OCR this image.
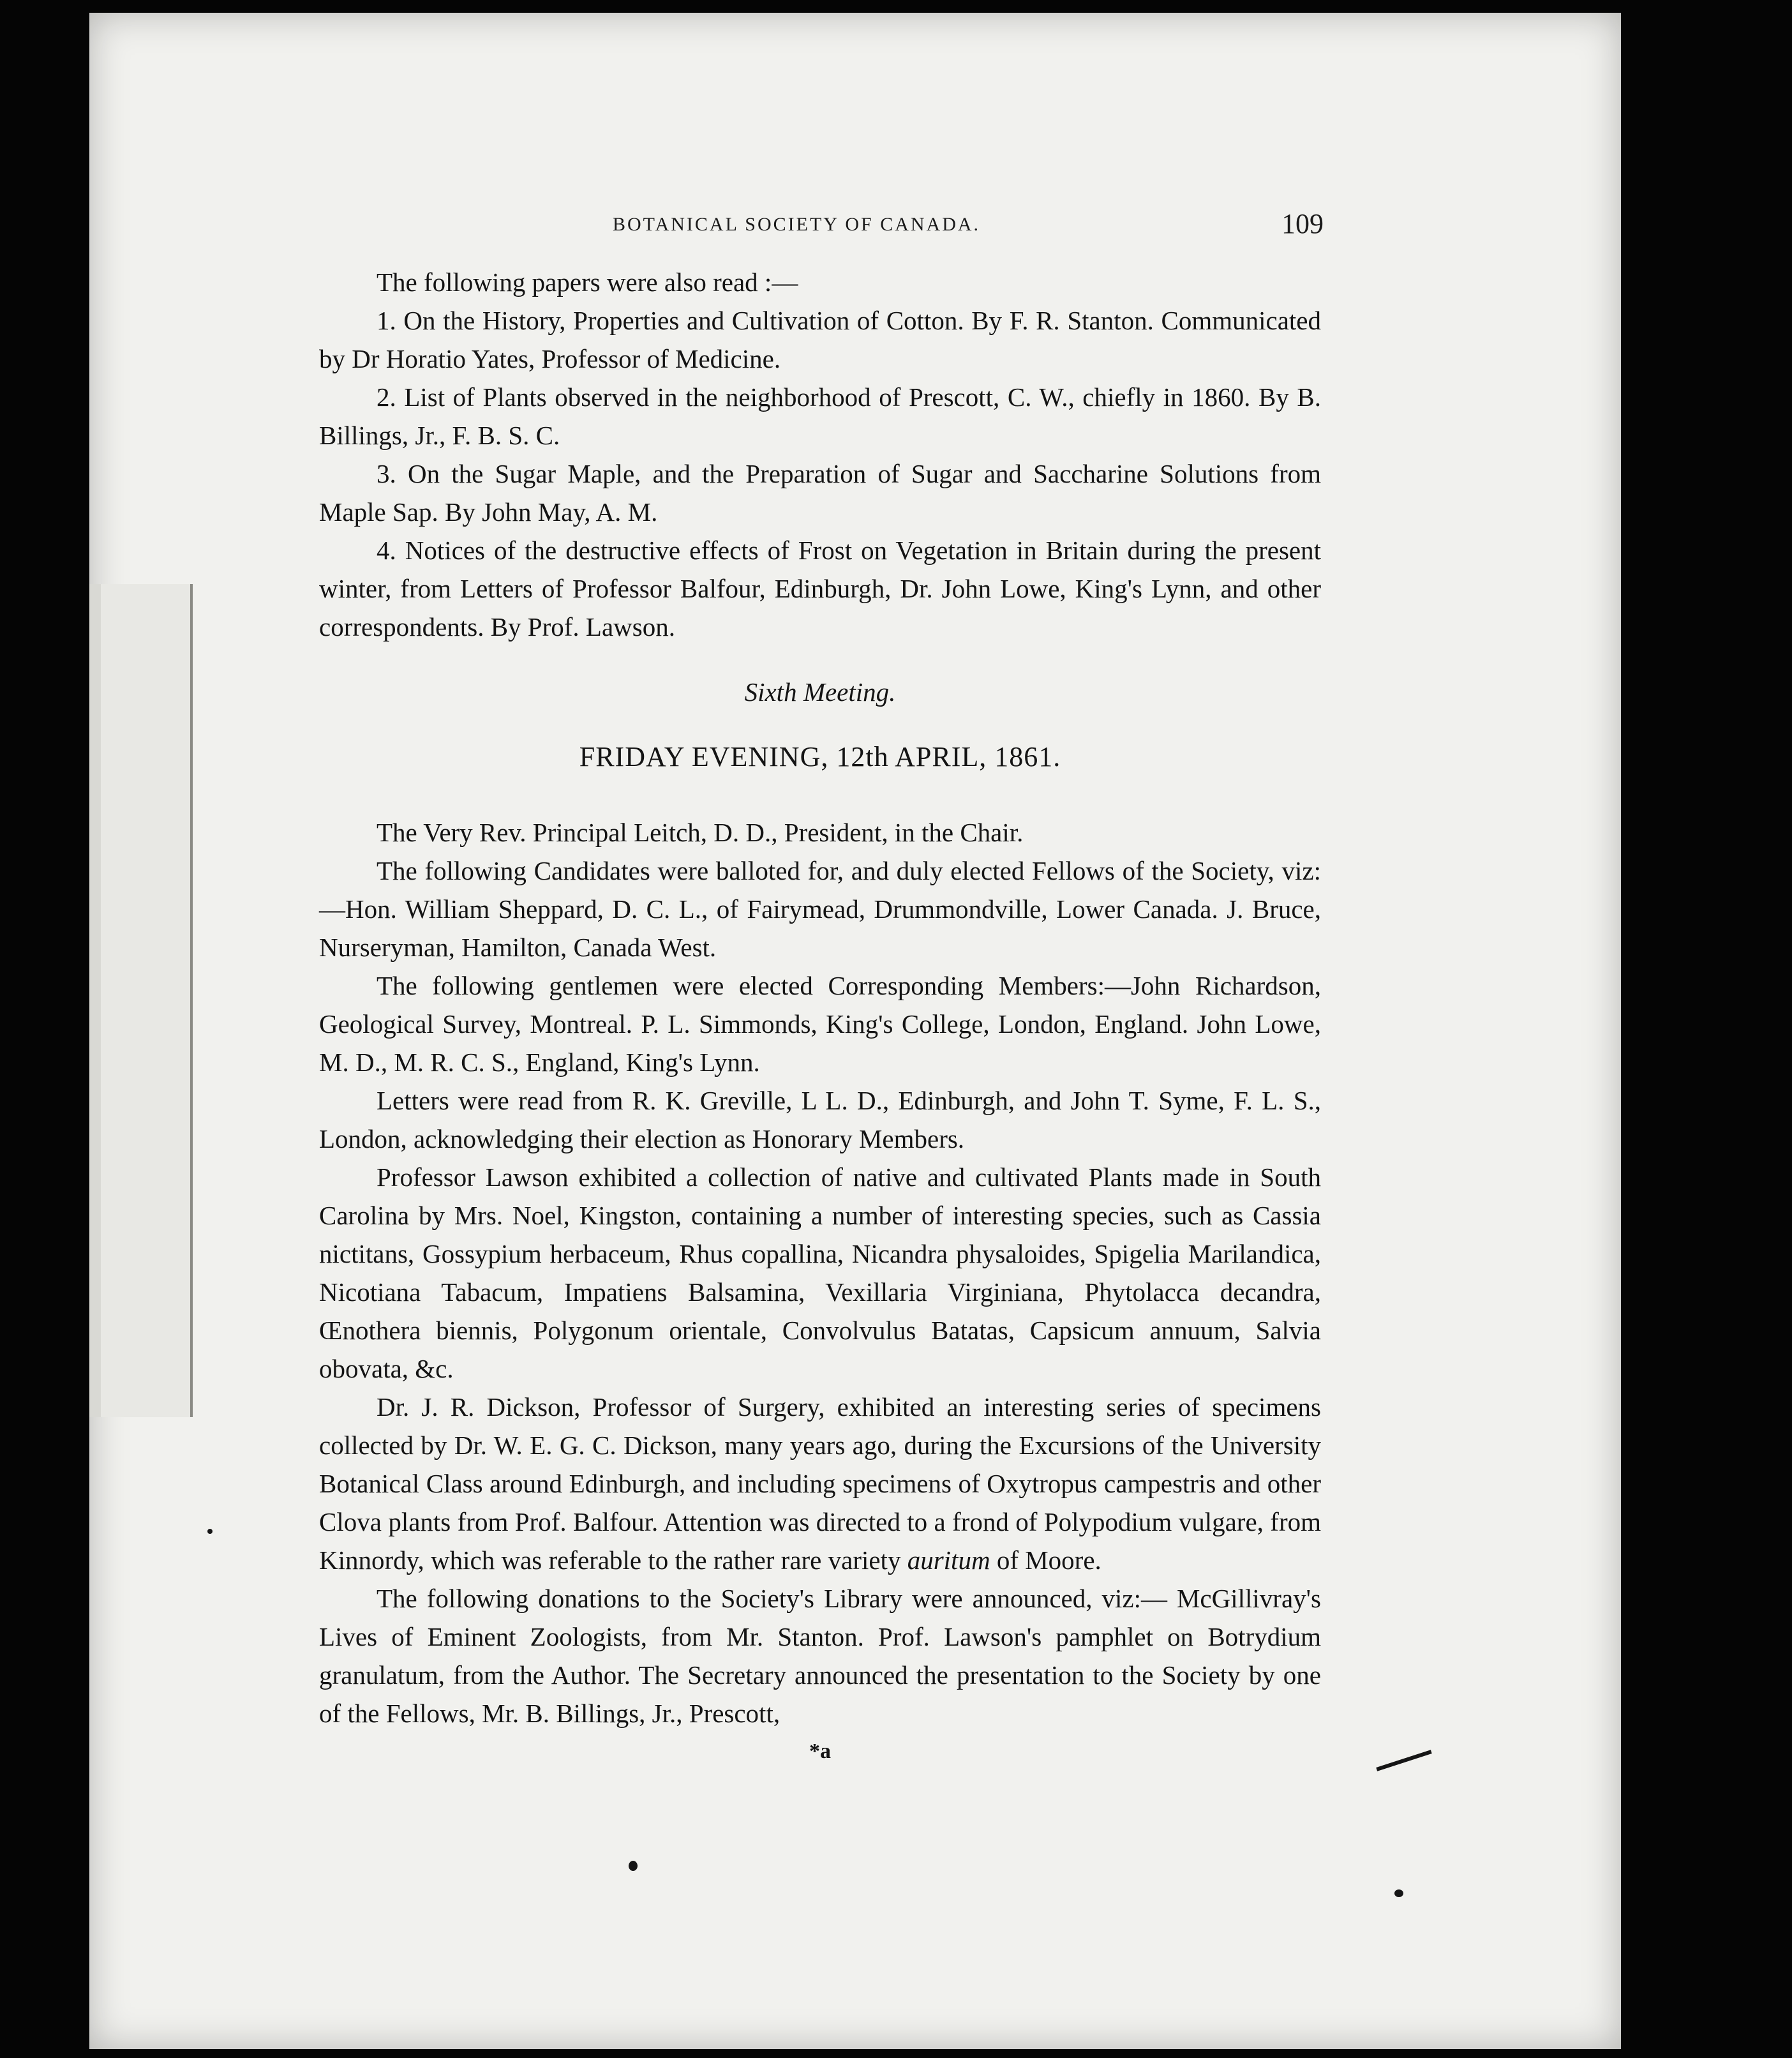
BOTANICAL SOCIETY OF CANADA.	109

The following papers were also read :—

1. On the History, Properties and Cultivation of Cotton. By F. R. Stanton. Communicated by Dr Horatio Yates, Professor of Medicine.

2. List of Plants observed in the neighborhood of Prescott, C. W., chiefly in 1860. By B. Billings, Jr., F. B. S. C.

3. On the Sugar Maple, and the Preparation of Sugar and Saccharine Solutions from Maple Sap. By John May, A. M.

4. Notices of the destructive effects of Frost on Vegetation in Britain during the present winter, from Letters of Professor Balfour, Edinburgh, Dr. John Lowe, King's Lynn, and other correspondents. By Prof. Lawson.

Sixth Meeting.

FRIDAY EVENING, 12th APRIL, 1861.

The Very Rev. Principal Leitch, D. D., President, in the Chair.

The following Candidates were balloted for, and duly elected Fellows of the Society, viz:—Hon. William Sheppard, D. C. L., of Fairymead, Drummondville, Lower Canada. J. Bruce, Nurseryman, Hamilton, Canada West.

The following gentlemen were elected Corresponding Members:—John Richardson, Geological Survey, Montreal. P. L. Simmonds, King's College, London, England. John Lowe, M. D., M. R. C. S., England, King's Lynn.

Letters were read from R. K. Greville, L L. D., Edinburgh, and John T. Syme, F. L. S., London, acknowledging their election as Honorary Members.

Professor Lawson exhibited a collection of native and cultivated Plants made in South Carolina by Mrs. Noel, Kingston, containing a number of interesting species, such as Cassia nictitans, Gossypium herbaceum, Rhus copallina, Nicandra physaloides, Spigelia Marilandica, Nicotiana Tabacum, Impatiens Balsamina, Vexillaria Virginiana, Phytolacca decandra, Œnothera biennis, Polygonum orientale, Convolvulus Batatas, Capsicum annuum, Salvia obovata, &c.

Dr. J. R. Dickson, Professor of Surgery, exhibited an interesting series of specimens collected by Dr. W. E. G. C. Dickson, many years ago, during the Excursions of the University Botanical Class around Edinburgh, and including specimens of Oxytropus campestris and other Clova plants from Prof. Balfour. Attention was directed to a frond of Polypodium vulgare, from Kinnordy, which was referable to the rather rare variety auritum of Moore.

The following donations to the Society's Library were announced, viz:— McGillivray's Lives of Eminent Zoologists, from Mr. Stanton. Prof. Lawson's pamphlet on Botrydium granulatum, from the Author. The Secretary announced the presentation to the Society by one of the Fellows, Mr. B. Billings, Jr., Prescott,

*a
